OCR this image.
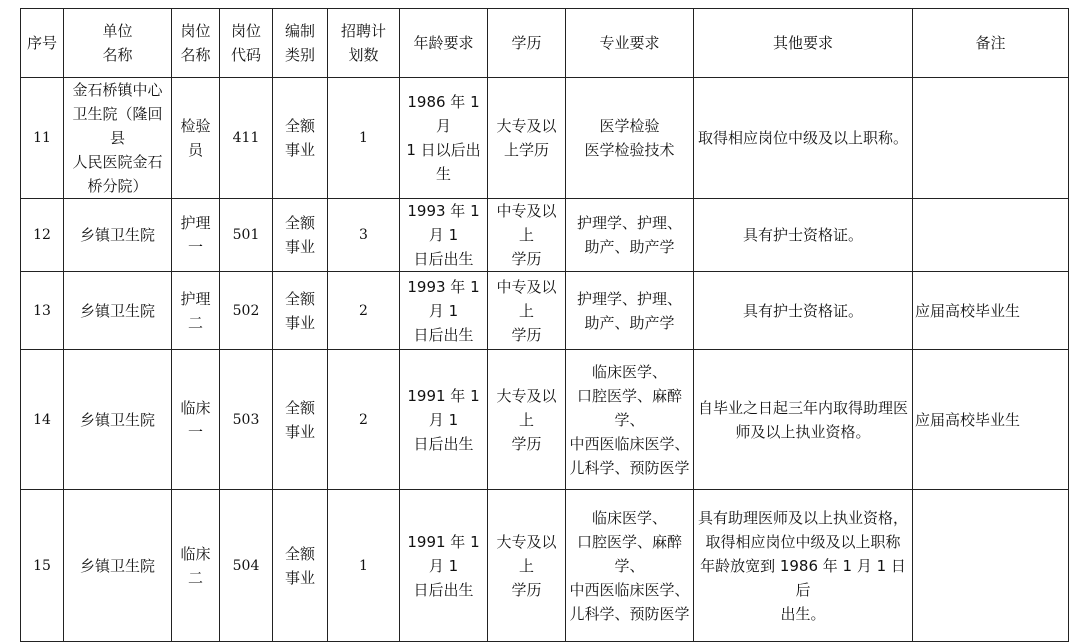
序号	单位
名称	岗位
名称	岗位
代码	编制
类别	招聘计
划数	年龄要求	学历	专业要求	其他要求	备注

11	金石桥镇中心
卫生院（隆回县
人民医院金石
桥分院）	检验
员	411	全额
事业	1	1986 年 1 月
1 日以后出
生	大专及以
上学历	医学检验
医学检验技术	取得相应岗位中级及以上职称。	

12	乡镇卫生院	护理一	501	全额
事业	3	1993 年 1 月 1
日后出生	中专及以上
学历	护理学、护理、
助产、助产学	具有护士资格证。	

13	乡镇卫生院	护理二	502	全额
事业	2	1993 年 1 月 1
日后出生	中专及以上
学历	护理学、护理、
助产、助产学	具有护士资格证。	应届高校毕业生
14	乡镇卫生院	临床一	503	全额
事业	2	1991 年 1 月 1
日后出生	大专及以上
学历	临床医学、
口腔医学、麻醉学、
中西医临床医学、
儿科学、预防医学	自毕业之日起三年内取得助理医
师及以上执业资格。	应届高校毕业生
15	乡镇卫生院	临床二	504	全额
事业	1	1991 年 1 月 1
日后出生	大专及以上
学历	临床医学、
口腔医学、麻醉学、
中西医临床医学、
儿科学、预防医学	具有助理医师及以上执业资格，
取得相应岗位中级及以上职称
年龄放宽到 1986 年 1 月 1 日后
出生。	
